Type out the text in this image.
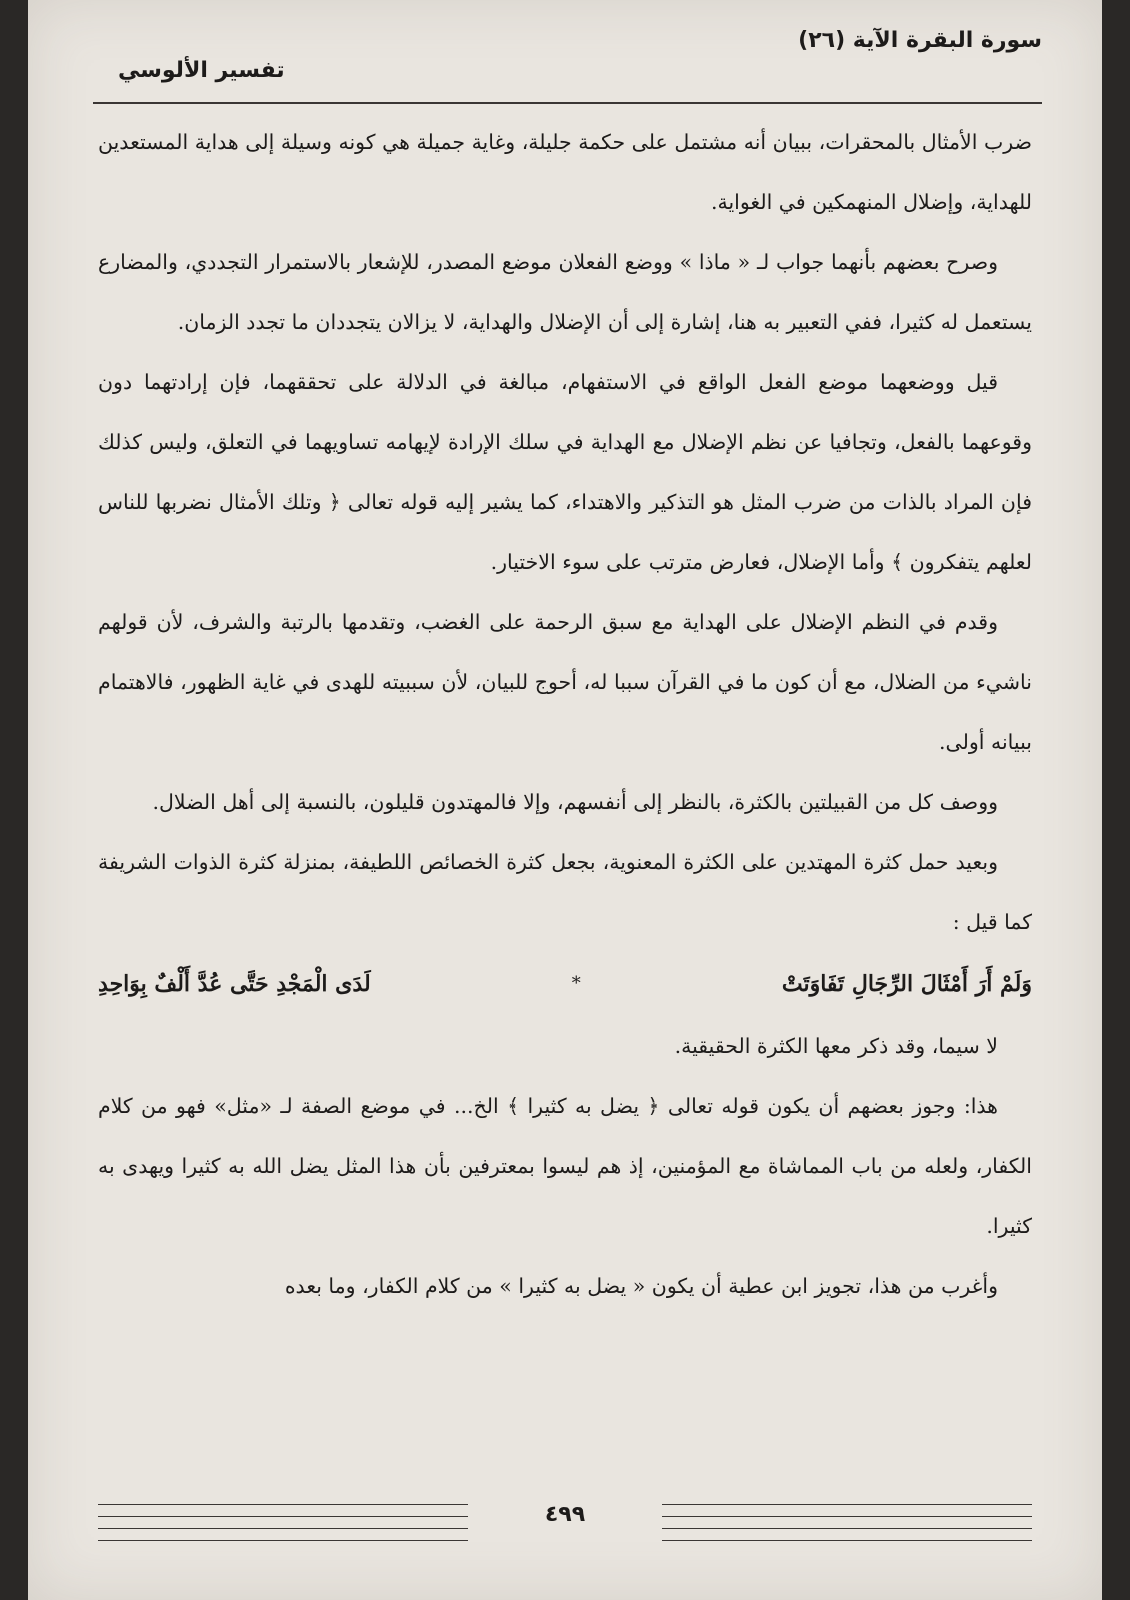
سورة البقرة الآية (٢٦)
تفسير الألوسي

ضرب الأمثال بالمحقرات، ببيان أنه مشتمل على حكمة جليلة، وغاية جميلة هي كونه وسيلة إلى هداية المستعدين للهداية، وإضلال المنهمكين في الغواية.

وصرح بعضهم بأنهما جواب لـ « ماذا » ووضع الفعلان موضع المصدر، للإشعار بالاستمرار التجددي، والمضارع يستعمل له كثيرا، ففي التعبير به هنا، إشارة إلى أن الإضلال والهداية، لا يزالان يتجددان ما تجدد الزمان.

قيل ووضعهما موضع الفعل الواقع في الاستفهام، مبالغة في الدلالة على تحققهما، فإن إرادتهما دون وقوعهما بالفعل، وتجافيا عن نظم الإضلال مع الهداية في سلك الإرادة لإيهامه تساويهما في التعلق، وليس كذلك فإن المراد بالذات من ضرب المثل هو التذكير والاهتداء، كما يشير إليه قوله تعالى ﴿ وتلك الأمثال نضربها للناس لعلهم يتفكرون ﴾ وأما الإضلال، فعارض مترتب على سوء الاختيار.

وقدم في النظم الإضلال على الهداية مع سبق الرحمة على الغضب، وتقدمها بالرتبة والشرف، لأن قولهم ناشيء من الضلال، مع أن كون ما في القرآن سببا له، أحوج للبيان، لأن سببيته للهدى في غاية الظهور، فالاهتمام ببيانه أولى.

ووصف كل من القبيلتين بالكثرة، بالنظر إلى أنفسهم، وإلا فالمهتدون قليلون، بالنسبة إلى أهل الضلال.

وبعيد حمل كثرة المهتدين على الكثرة المعنوية، بجعل كثرة الخصائص اللطيفة، بمنزلة كثرة الذوات الشريفة كما قيل :

وَلَمْ أَرَ أَمْثَالَ الرِّجَالِ تَفَاوَتَتْ
*
لَدَى الْمَجْدِ حَتَّى عُدَّ أَلْفٌ بِوَاحِدِ

لا سيما، وقد ذكر معها الكثرة الحقيقية.

هذا: وجوز بعضهم أن يكون قوله تعالى ﴿ يضل به كثيرا ﴾ الخ... في موضع الصفة لـ «مثل» فهو من كلام الكفار، ولعله من باب المماشاة مع المؤمنين، إذ هم ليسوا بمعترفين بأن هذا المثل يضل الله به كثيرا ويهدى به كثيرا.

وأغرب من هذا، تجويز ابن عطية أن يكون « يضل به كثيرا » من كلام الكفار، وما بعده

٤٩٩
